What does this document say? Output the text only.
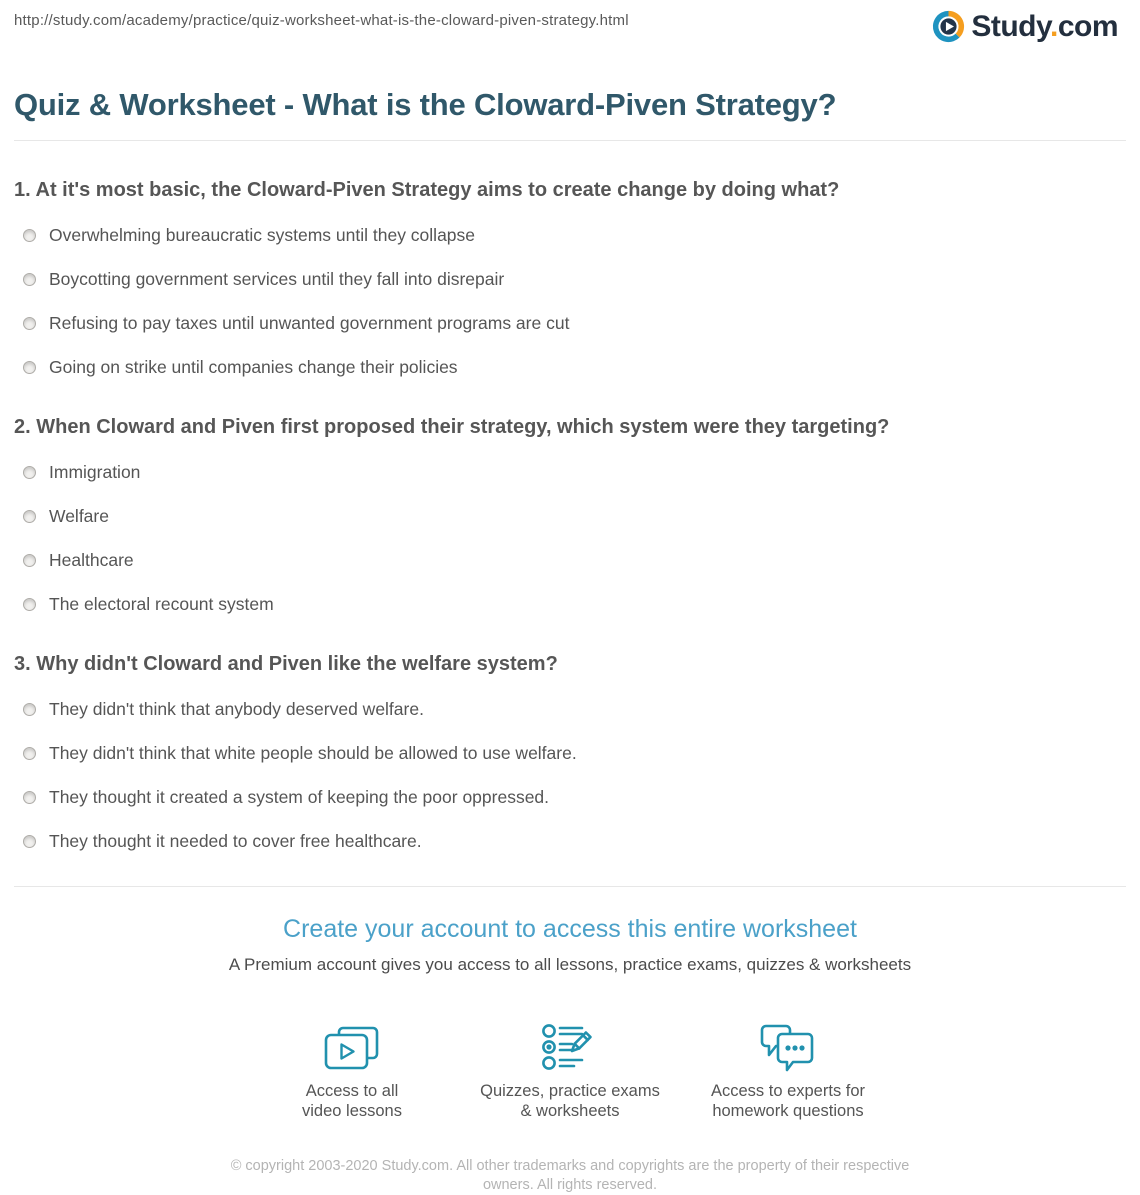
http://study.com/academy/practice/quiz-worksheet-what-is-the-cloward-piven-strategy.html	Study.com
Quiz & Worksheet - What is the Cloward-Piven Strategy?
1. At it's most basic, the Cloward-Piven Strategy aims to create change by doing what?
Overwhelming bureaucratic systems until they collapse
Boycotting government services until they fall into disrepair
Refusing to pay taxes until unwanted government programs are cut
Going on strike until companies change their policies
2. When Cloward and Piven first proposed their strategy, which system were they targeting?
Immigration
Welfare
Healthcare
The electoral recount system
3. Why didn't Cloward and Piven like the welfare system?
They didn't think that anybody deserved welfare.
They didn't think that white people should be allowed to use welfare.
They thought it created a system of keeping the poor oppressed.
They thought it needed to cover free healthcare.
Create your account to access this entire worksheet

A Premium account gives you access to all lessons, practice exams, quizzes & worksheets

Access to all
video lessons
Quizzes, practice exams
& worksheets
Access to experts for
homework questions

© copyright 2003-2020 Study.com. All other trademarks and copyrights are the property of their respective owners. All rights reserved.
